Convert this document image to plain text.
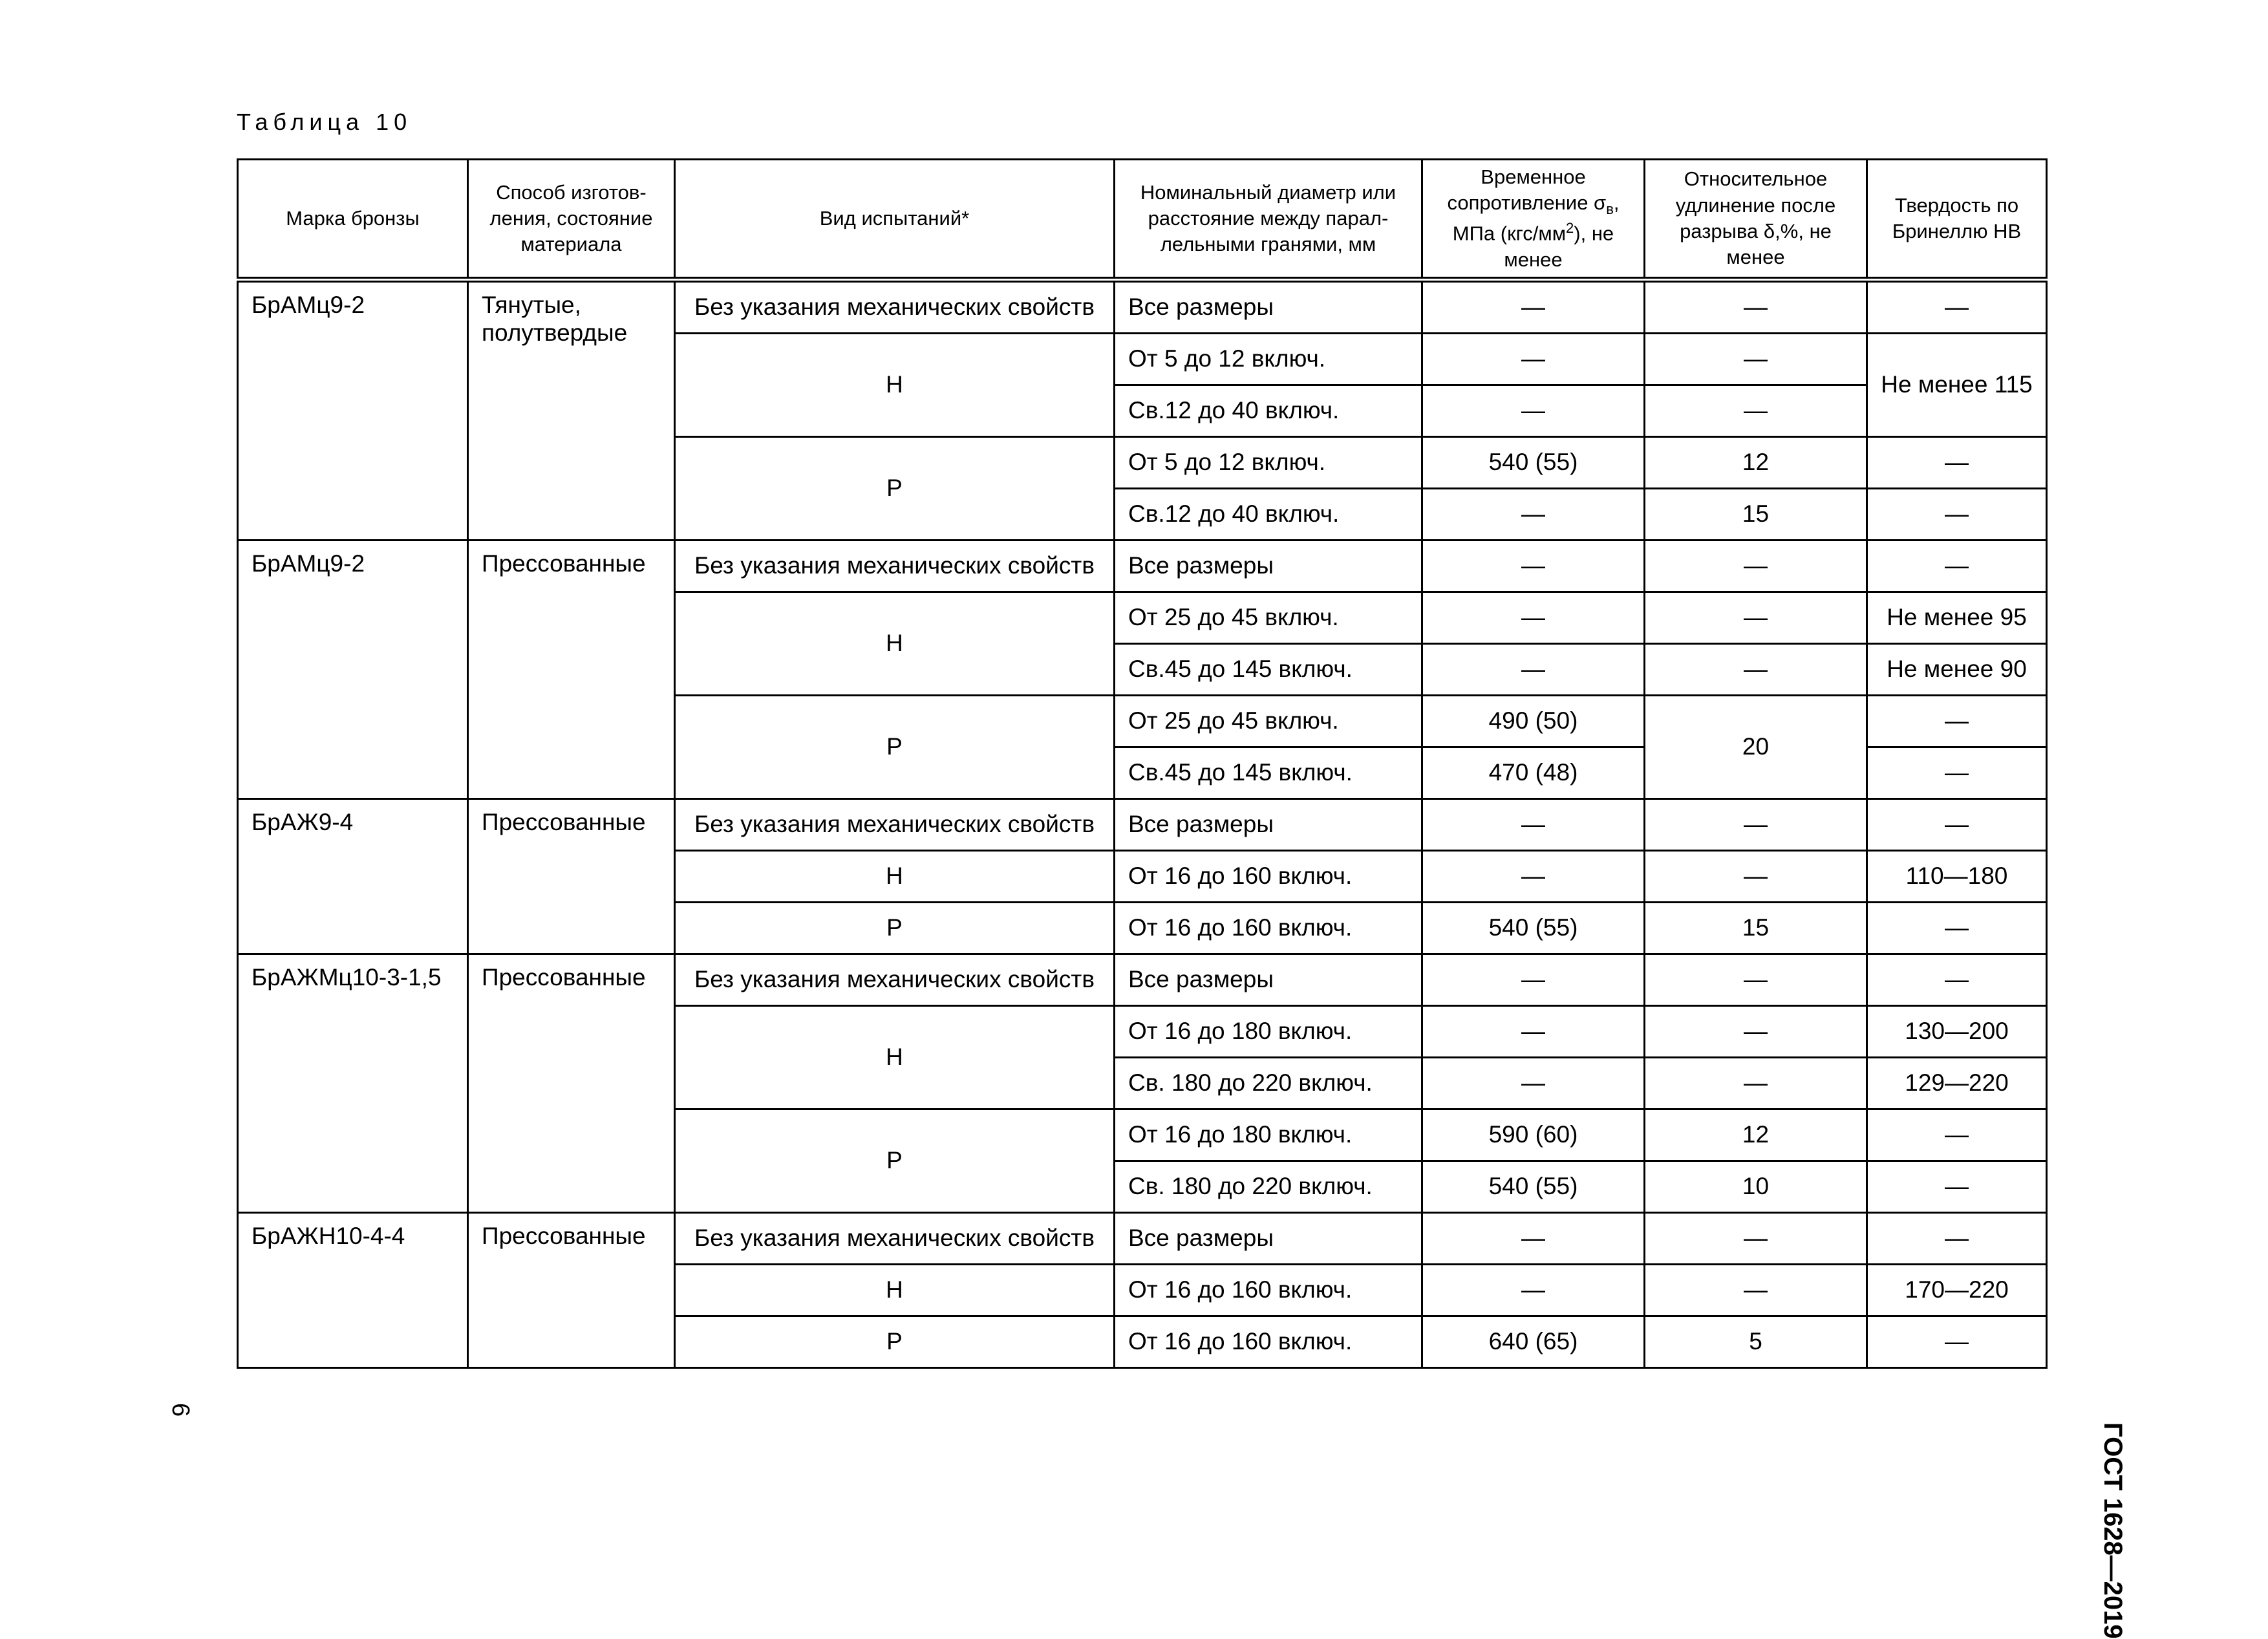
Таблица 10
Марка бронзы	Способ изготов-ления, состояние материала	Вид испытаний*	Номинальный диаметр или расстояние между парал-лельными гранями, мм	Временное сопротивление $\sigma_в$, МПа $(кгс/мм^2)$, не менее	Относительное удлинение после разрыва δ,%, не менее	Твердость по Бринеллю НВ
БрАМц9-2	Тянутые, полутвердые	Без указания механических свойств	Все размеры	—	—	—
		Н	От 5 до 12 включ.	—	—	Не менее 115
			Св.12 до 40 включ.	—	—	
		Р	От 5 до 12 включ.	540 (55)	12	—
			Св.12 до 40 включ.	—	15	—
БрАМц9-2	Прессованные	Без указания механических свойств	Все размеры	—	—	—
		Н	От 25 до 45 включ.	—	—	Не менее 95
			Св.45 до 145 включ.	—	—	Не менее 90
		Р	От 25 до 45 включ.	490 (50)	20	—
			Св.45 до 145 включ.	470 (48)		—
БрАЖ9-4	Прессованные	Без указания механических свойств	Все размеры	—	—	—
		Н	От 16 до 160 включ.	—	—	110—180
		Р	От 16 до 160 включ.	540 (55)	15	—
БрАЖМц10-3-1,5	Прессованные	Без указания механических свойств	Все размеры	—	—	—
		Н	От 16 до 180 включ.	—	—	130—200
			Св. 180 до 220 включ.	—	—	129—220
		Р	От 16 до 180 включ.	590 (60)	12	—
			Св. 180 до 220 включ.	540 (55)	10	—
БрАЖН10-4-4	Прессованные	Без указания механических свойств	Все размеры	—	—	—
		Н	От 16 до 160 включ.	—	—	170—220
		Р	От 16 до 160 включ.	640 (65)	5	—
ГОСТ 1628—2019
6
